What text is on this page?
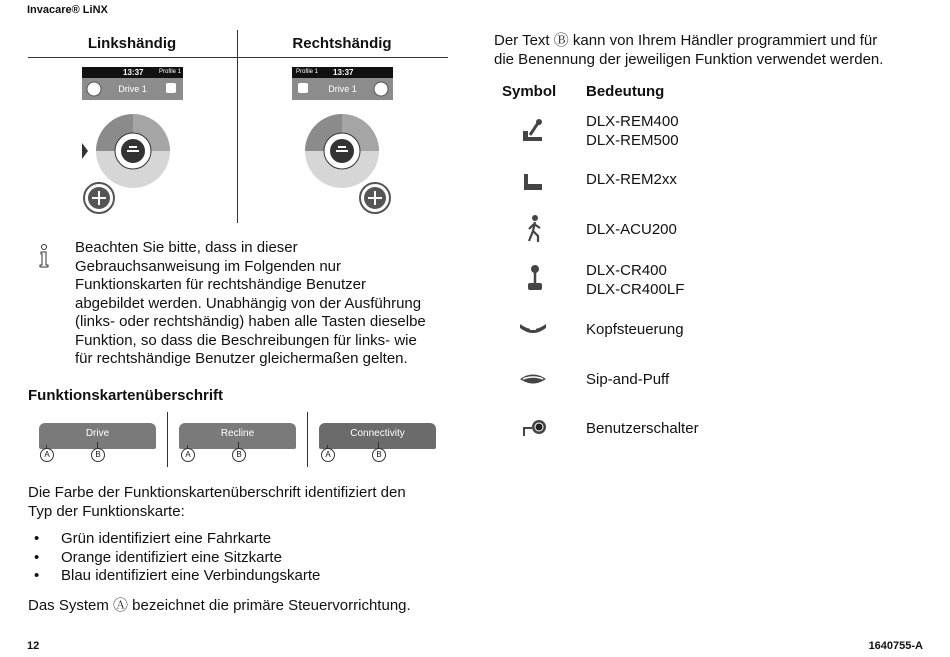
Invacare® LiNX
Linkshändig	Rechtshändig
13:37	Profile 1
Drive 1
Profile 1 13:37
Drive 1
Beachten Sie bitte, dass in dieser
Gebrauchsanweisung im Folgenden nur
Funktionskarten für rechtshändige Benutzer
abgebildet werden. Unabhängig von der Ausführung
(links- oder rechtshändig) haben alle Tasten dieselbe
Funktion, so dass die Beschreibungen für links- wie
für rechtshändige Benutzer gleichermaßen gelten.
Funktionskartenüberschrift
Drive
A	B
Recline
A	B
Connectivity
A	B
Die Farbe der Funktionskartenüberschrift identifiziert den
Typ der Funktionskarte:
• Grün identifiziert eine Fahrkarte
• Orange identifiziert eine Sitzkarte
• Blau identifiziert eine Verbindungskarte
Das System Ⓐ bezeichnet die primäre Steuervorrichtung.
Der Text Ⓑ kann von Ihrem Händler programmiert und für
die Benennung der jeweiligen Funktion verwendet werden.
Symbol Bedeutung
DLX-REM400
DLX-REM500
DLX-REM2xx
DLX-ACU200
DLX-CR400
DLX-CR400LF
Kopfsteuerung
Sip-and-Puff
Benutzerschalter
12	1640755-A
